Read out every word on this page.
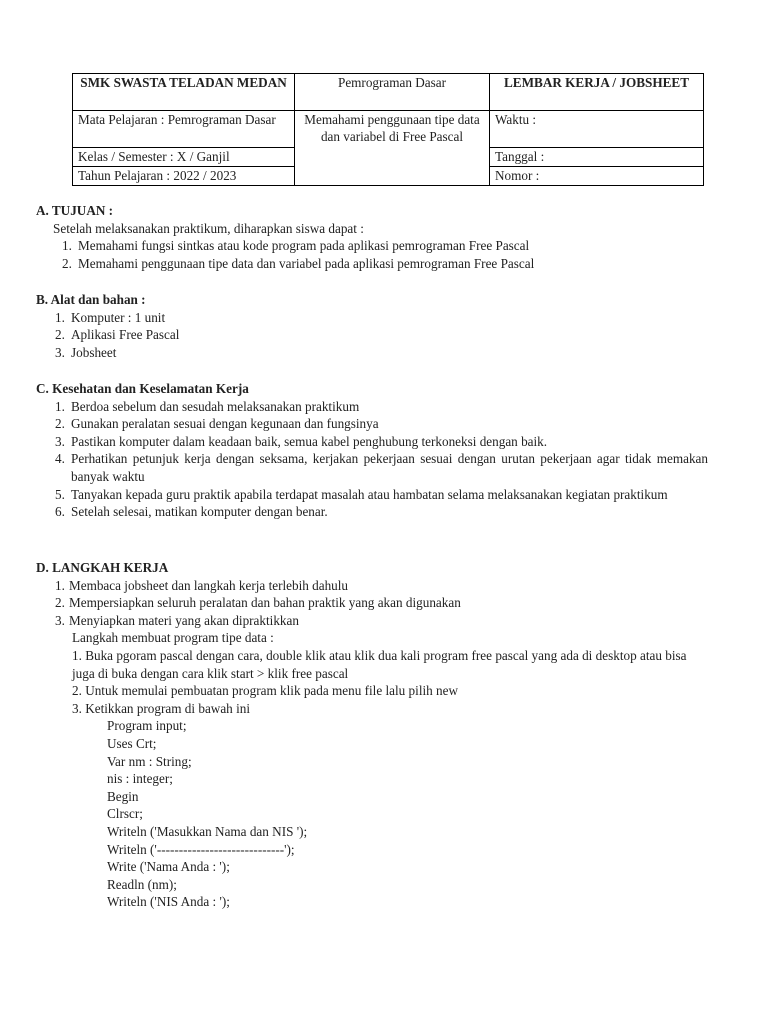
SMK SWASTA TELADAN MEDAN	Pemrograman Dasar	LEMBAR KERJA / JOBSHEET
Mata Pelajaran : Pemrograman Dasar	Memahami penggunaan tipe data dan variabel di Free Pascal	Waktu :
Kelas / Semester : X / Ganjil		Tanggal :
Tahun Pelajaran : 2022 / 2023		Nomor :

A. TUJUAN :

Setelah melaksanakan praktikum, diharapkan siswa dapat :

1. Memahami fungsi sintkas atau kode program pada aplikasi pemrograman Free Pascal
2. Memahami penggunaan tipe data dan variabel pada aplikasi pemrograman Free Pascal

B. Alat dan bahan :

1. Komputer : 1 unit
2. Aplikasi Free Pascal
3. Jobsheet

C. Kesehatan dan Keselamatan Kerja

1. Berdoa sebelum dan sesudah melaksanakan praktikum
2. Gunakan peralatan sesuai dengan kegunaan dan fungsinya
3. Pastikan komputer dalam keadaan baik, semua kabel penghubung terkoneksi dengan baik.
4. Perhatikan petunjuk kerja dengan seksama, kerjakan pekerjaan sesuai dengan urutan pekerjaan agar tidak memakan banyak waktu
5. Tanyakan kepada guru praktik apabila terdapat masalah atau hambatan selama melaksanakan kegiatan praktikum
6. Setelah selesai, matikan komputer dengan benar.

D. LANGKAH KERJA

1. Membaca jobsheet dan langkah kerja terlebih dahulu
2. Mempersiapkan seluruh peralatan dan bahan praktik yang akan digunakan
3. Menyiapkan materi yang akan dipraktikkan

Langkah membuat program tipe data :

1. Buka pgoram pascal dengan cara, double klik atau klik dua kali program free pascal yang ada di desktop atau bisa juga di buka dengan cara klik start > klik free pascal

2. Untuk memulai pembuatan program klik pada menu file lalu pilih new

3. Ketikkan program di bawah ini

Program input;

Uses Crt;

Var nm : String;

nis : integer;

Begin

Clrscr;

Writeln ('Masukkan Nama dan NIS ');

Writeln ('-----------------------------');

Write ('Nama Anda : ');

Readln (nm);

Writeln ('NIS Anda : ');
